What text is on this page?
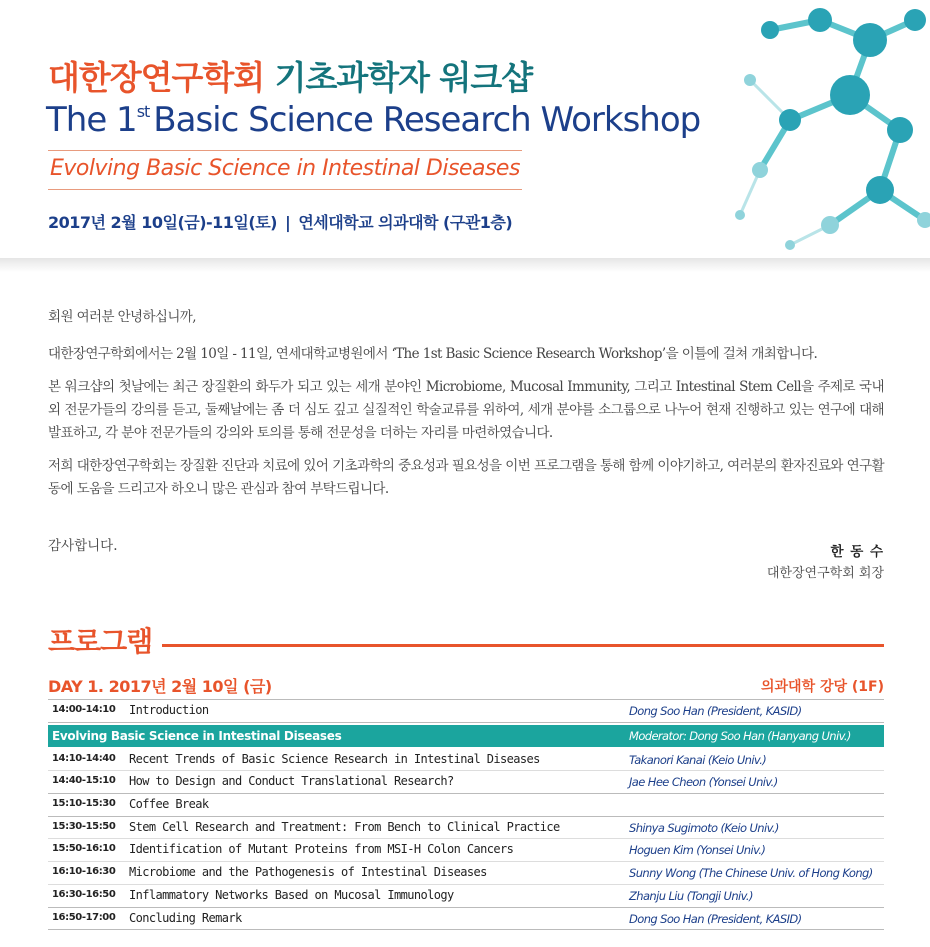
대한장연구학회 기초과학자 워크샵
The 1st Basic Science Research Workshop
Evolving Basic Science in Intestinal Diseases
2017년 2월 10일(금)-11일(토) | 연세대학교 의과대학 (구관1층)

회원 여러분 안녕하십니까,

대한장연구학회에서는 2월 10일 - 11일, 연세대학교병원에서 ‘The 1st Basic Science Research Workshop’을 이틀에 걸쳐 개최합니다.

본 워크샵의 첫날에는 최근 장질환의 화두가 되고 있는 세개 분야인 Microbiome, Mucosal Immunity, 그리고 Intestinal Stem Cell을 주제로 국내외 전문가들의 강의를 듣고, 둘째날에는 좀 더 심도 깊고 실질적인 학술교류를 위하여, 세개 분야를 소그룹으로 나누어 현재 진행하고 있는 연구에 대해 발표하고, 각 분야 전문가들의 강의와 토의를 통해 전문성을 더하는 자리를 마련하였습니다.

저희 대한장연구학회는 장질환 진단과 치료에 있어 기초과학의 중요성과 필요성을 이번 프로그램을 통해 함께 이야기하고, 여러분의 환자진료와 연구활동에 도움을 드리고자 하오니 많은 관심과 참여 부탁드립니다.

감사합니다.	한 동 수
대한장연구학회 회장
프로그램
DAY 1. 2017년 2월 10일 (금)	의과대학 강당 (1F)
14:00-14:10 Introduction	Dong Soo Han (President, KASID)
Evolving Basic Science in Intestinal Diseases	Moderator: Dong Soo Han (Hanyang Univ.)
14:10-14:40 Recent Trends of Basic Science Research in Intestinal Diseases	Takanori Kanai (Keio Univ.)
14:40-15:10 How to Design and Conduct Translational Research?	Jae Hee Cheon (Yonsei Univ.)
15:10-15:30 Coffee Break
15:30-15:50 Stem Cell Research and Treatment: From Bench to Clinical Practice	Shinya Sugimoto (Keio Univ.)
15:50-16:10 Identification of Mutant Proteins from MSI-H Colon Cancers	Hoguen Kim (Yonsei Univ.)
16:10-16:30 Microbiome and the Pathogenesis of Intestinal Diseases	Sunny Wong (The Chinese Univ. of Hong Kong)
16:30-16:50 Inflammatory Networks Based on Mucosal Immunology	Zhanju Liu (Tongji Univ.)
16:50-17:00 Concluding Remark	Dong Soo Han (President, KASID)
